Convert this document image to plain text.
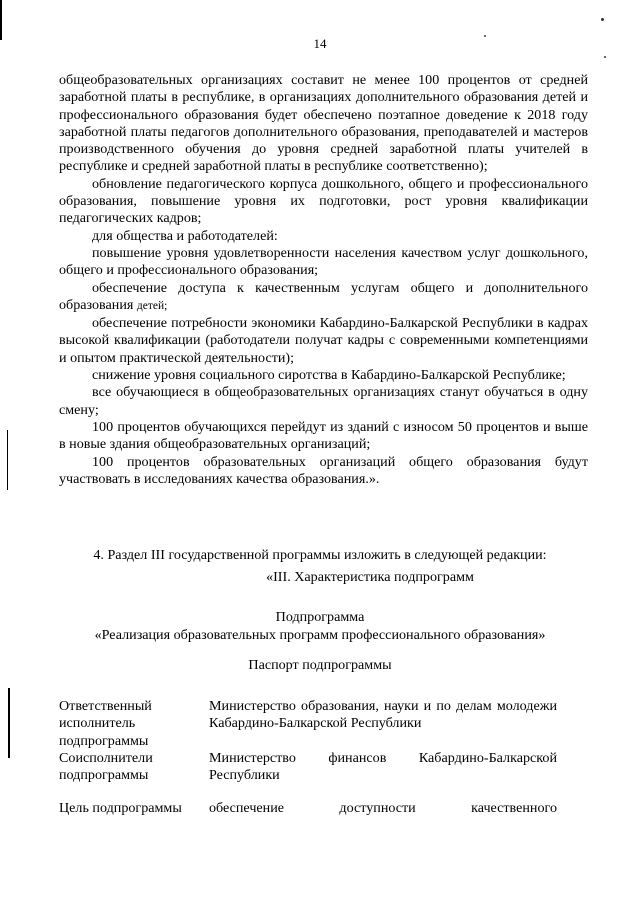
14

общеобразовательных организациях составит не менее 100 процентов от средней заработной платы в республике, в организациях дополнительного образования детей и профессионального образования будет обеспечено поэтапное доведение к 2018 году заработной платы педагогов дополнительного образования, преподавателей и мастеров производственного обучения до уровня средней заработной платы учителей в республике и средней заработной платы в республике соответственно);

обновление педагогического корпуса дошкольного, общего и профессионального образования, повышение уровня их подготовки, рост уровня квалификации педагогических кадров;

для общества и работодателей:

повышение уровня удовлетворенности населения качеством услуг дошкольного, общего и профессионального образования;

обеспечение доступа к качественным услугам общего и дополнительного образования детей;

обеспечение потребности экономики Кабардино-Балкарской Республики в кадрах высокой квалификации (работодатели получат кадры с современными компетенциями и опытом практической деятельности);

снижение уровня социального сиротства в Кабардино-Балкарской Республике;

все обучающиеся в общеобразовательных организациях станут обучаться в одну смену;

100 процентов обучающихся перейдут из зданий с износом 50 процентов и выше в новые здания общеобразовательных организаций;

100 процентов образовательных организаций общего образования будут участвовать в исследованиях качества образования.».

4. Раздел III государственной программы изложить в следующей редакции:
«III. Характеристика подпрограмм
Подпрограмма
«Реализация образовательных программ профессионального образования»
Паспорт подпрограммы
Ответственный исполнитель подпрограммы
Министерство образования, науки и по делам молодежи Кабардино-Балкарской Республики
Соисполнители подпрограммы
Министерство финансов Кабардино-Балкарской Республики
Цель подпрограммы	обеспечение доступности качественного
